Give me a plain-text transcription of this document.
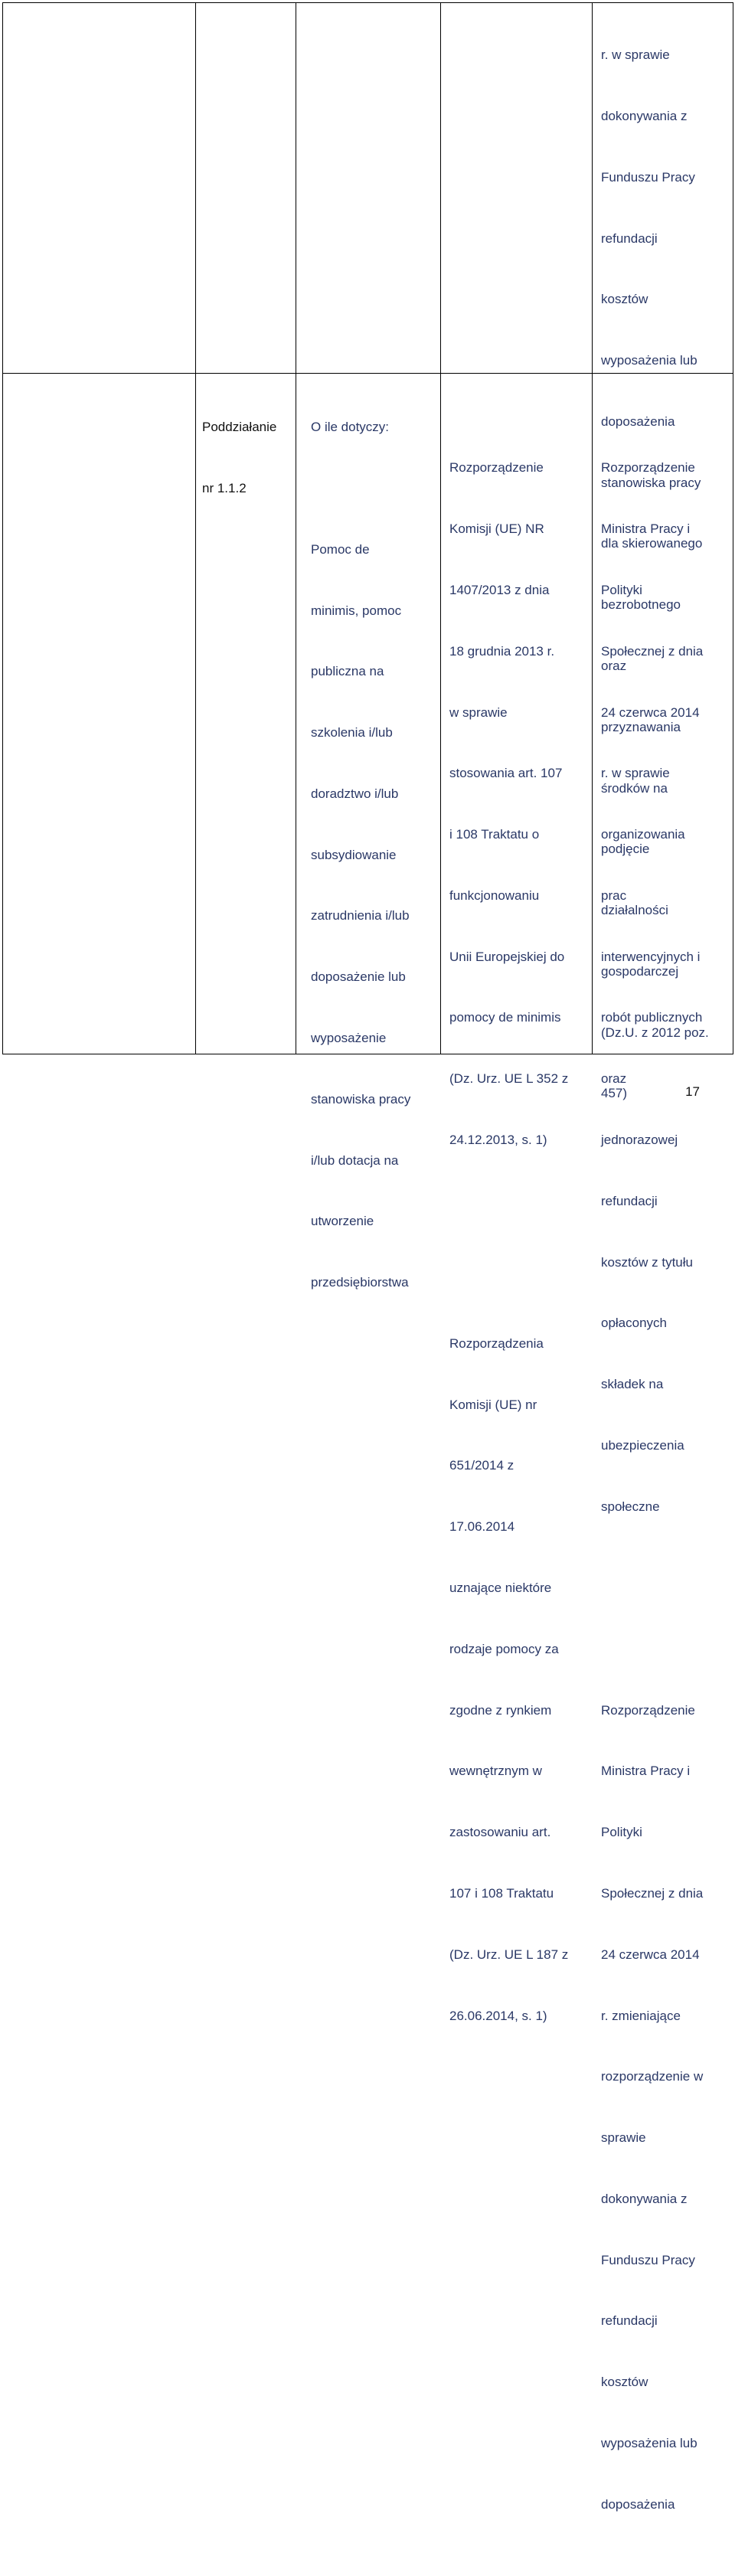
Poddziałanie

nr 1.1.2

O ile dotyczy:

Pomoc de

minimis, pomoc

publiczna na

szkolenia i/lub

doradztwo i/lub

subsydiowanie

zatrudnienia i/lub

doposażenie lub

wyposażenie

stanowiska pracy

i/lub dotacja na

utworzenie

przedsiębiorstwa

Rozporządzenie

Komisji (UE) NR

1407/2013 z dnia

18 grudnia 2013 r.

w sprawie

stosowania art. 107

i 108 Traktatu o

funkcjonowaniu

Unii Europejskiej do

pomocy de minimis

(Dz. Urz. UE L 352 z

24.12.2013, s. 1)

Rozporządzenia

Komisji (UE) nr

651/2014 z

17.06.2014

uznające niektóre

rodzaje pomocy za

zgodne z rynkiem

wewnętrznym w

zastosowaniu art.

107 i 108 Traktatu

(Dz. Urz. UE L 187 z

26.06.2014, s. 1)

r. w sprawie

dokonywania z

Funduszu Pracy

refundacji

kosztów

wyposażenia lub

doposażenia

stanowiska pracy

dla skierowanego

bezrobotnego

oraz

przyznawania

środków na

podjęcie

działalności

gospodarczej

(Dz.U. z 2012 poz.

457)

Rozporządzenie

Ministra Pracy i

Polityki

Społecznej z dnia

24 czerwca 2014

r. w sprawie

organizowania

prac

interwencyjnych i

robót publicznych

oraz

jednorazowej

refundacji

kosztów z tytułu

opłaconych

składek na

ubezpieczenia

społeczne

Rozporządzenie

Ministra Pracy i

Polityki

Społecznej z dnia

24 czerwca 2014

r. zmieniające

rozporządzenie w

sprawie

dokonywania z

Funduszu Pracy

refundacji

kosztów

wyposażenia lub

doposażenia

17
